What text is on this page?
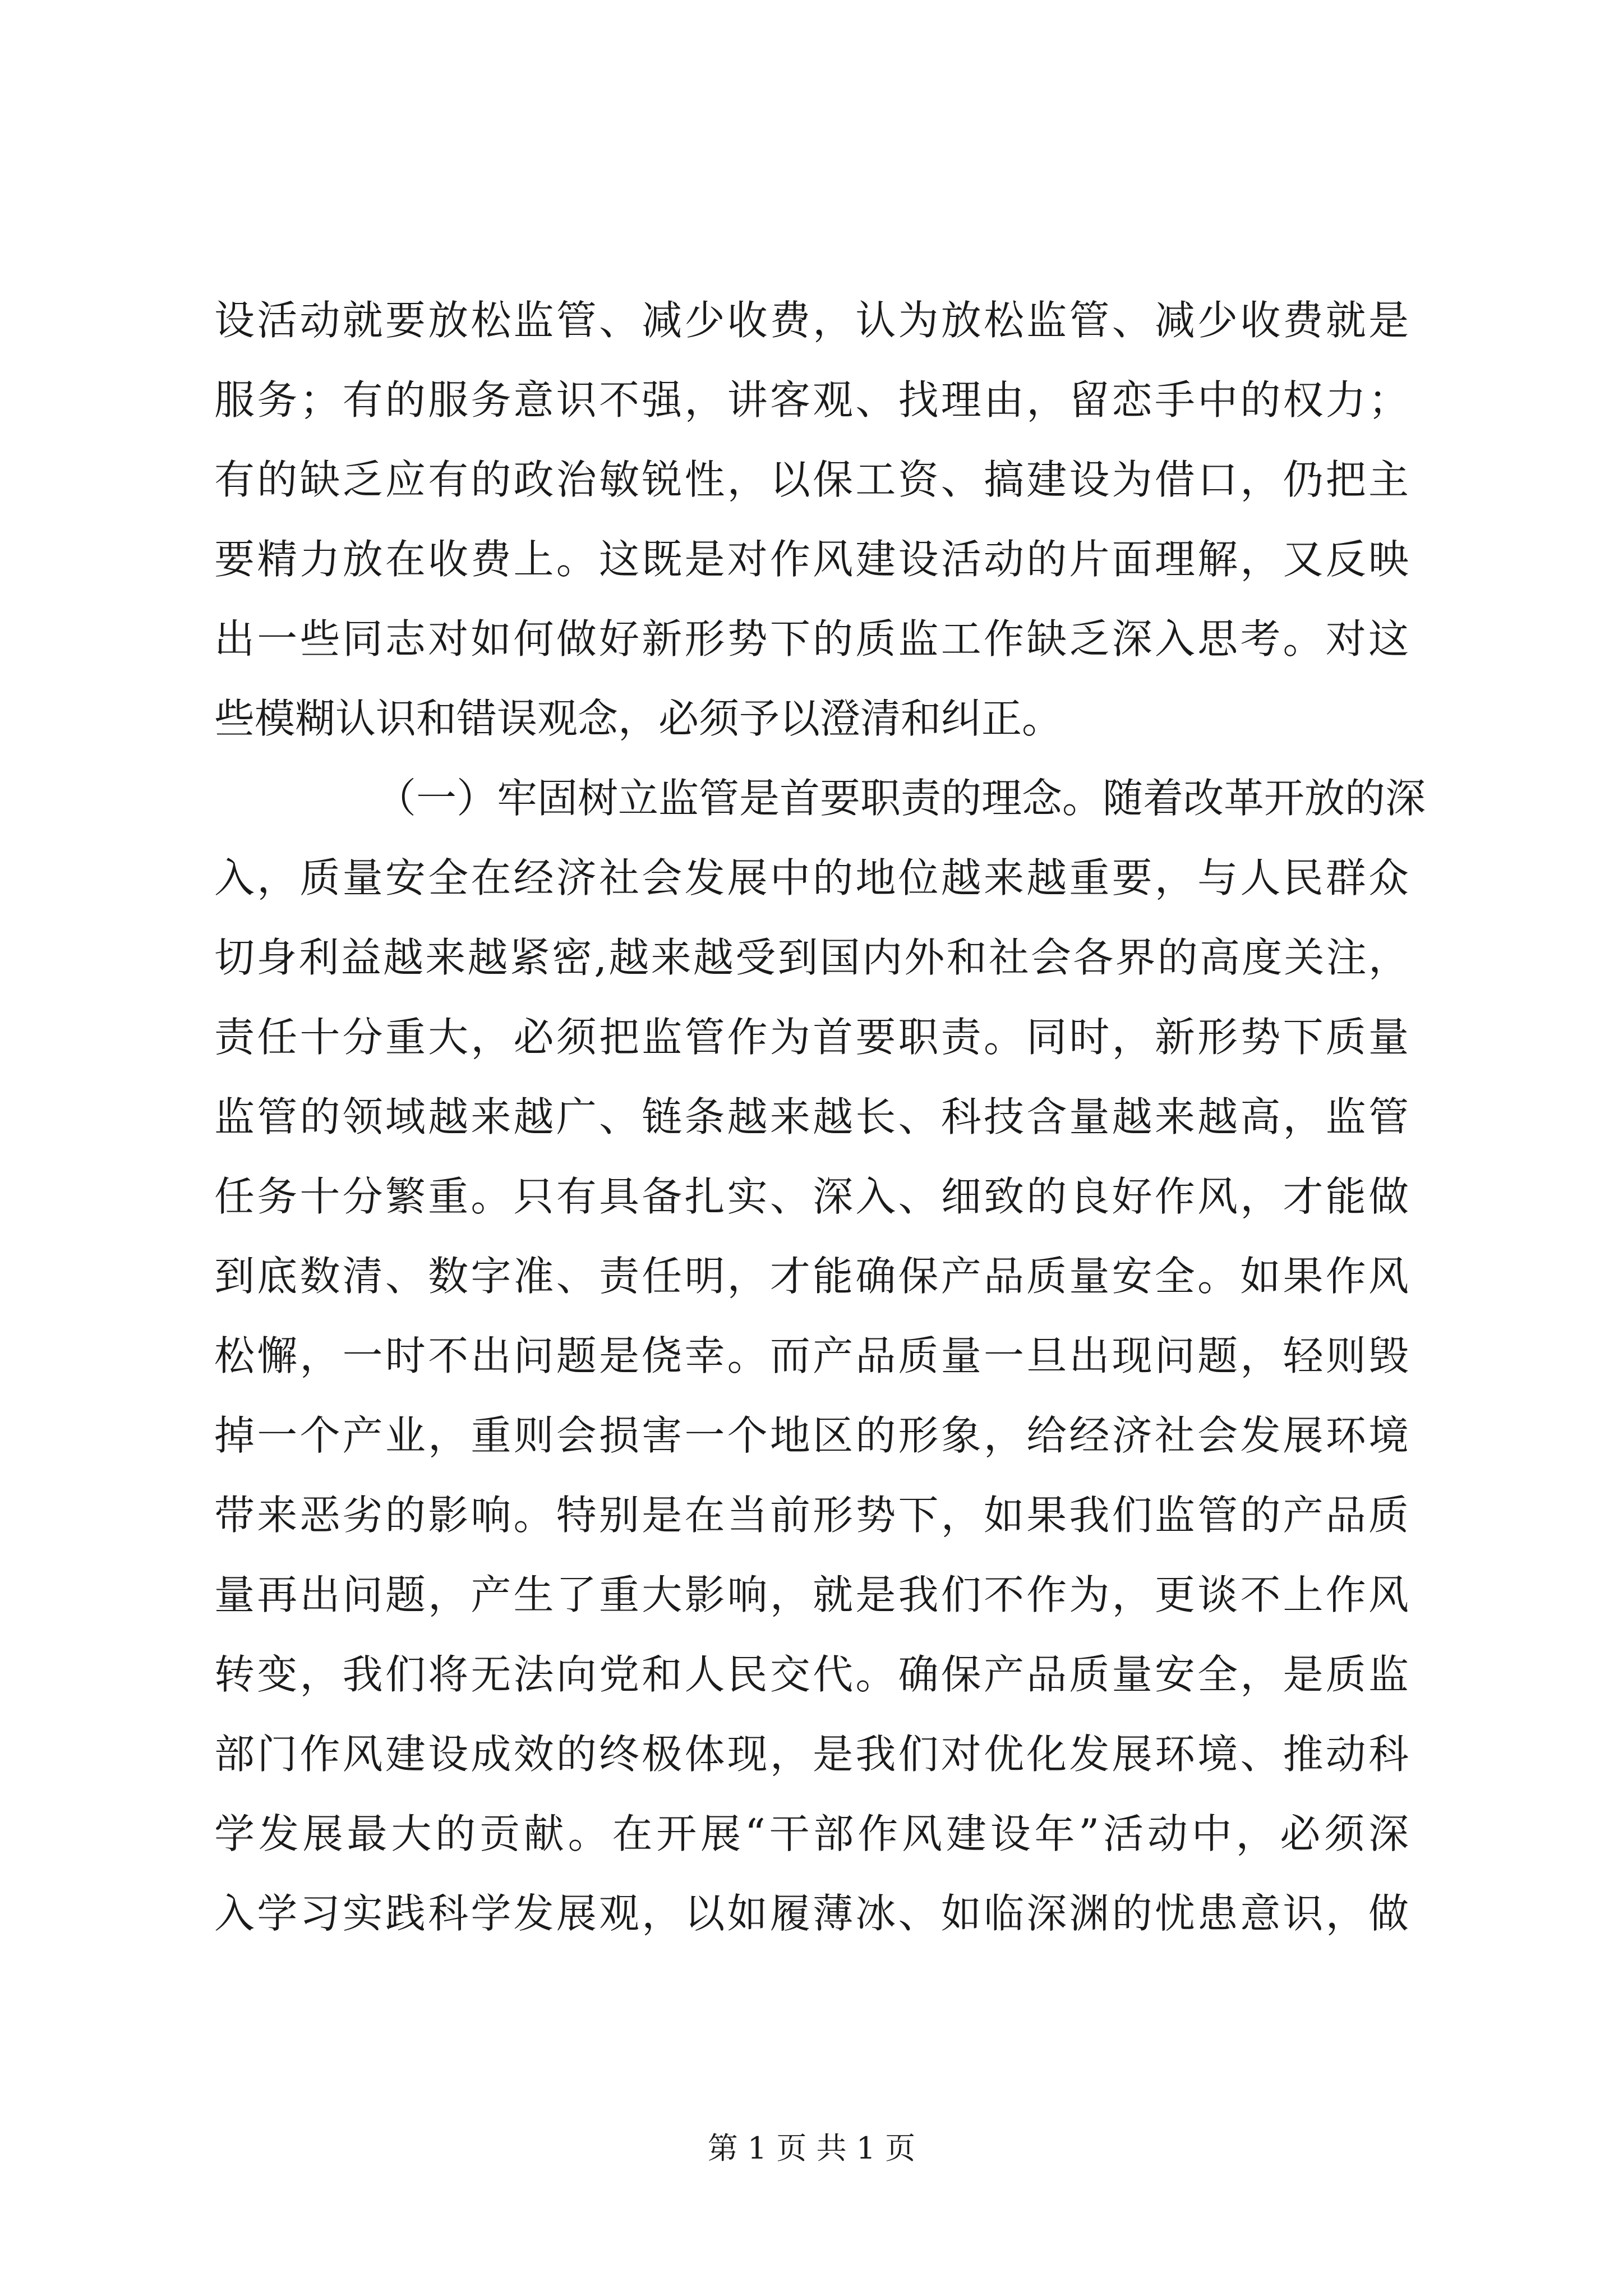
设活动就要放松监管、减少收费，认为放松监管、减少收费就是
服务；有的服务意识不强，讲客观、找理由，留恋手中的权力；
有的缺乏应有的政治敏锐性，以保工资、搞建设为借口，仍把主
要精力放在收费上。这既是对作风建设活动的片面理解，又反映
出一些同志对如何做好新形势下的质监工作缺乏深入思考。对这
些模糊认识和错误观念，必须予以澄清和纠正。
（一）牢固树立监管是首要职责的理念。随着改革开放的深
入，质量安全在经济社会发展中的地位越来越重要，与人民群众
切身利益越来越紧密,越来越受到国内外和社会各界的高度关注，
责任十分重大，必须把监管作为首要职责。同时，新形势下质量
监管的领域越来越广、链条越来越长、科技含量越来越高，监管
任务十分繁重。只有具备扎实、深入、细致的良好作风，才能做
到底数清、数字准、责任明，才能确保产品质量安全。如果作风
松懈，一时不出问题是侥幸。而产品质量一旦出现问题，轻则毁
掉一个产业，重则会损害一个地区的形象，给经济社会发展环境
带来恶劣的影响。特别是在当前形势下，如果我们监管的产品质
量再出问题，产生了重大影响，就是我们不作为，更谈不上作风
转变，我们将无法向党和人民交代。确保产品质量安全，是质监
部门作风建设成效的终极体现，是我们对优化发展环境、推动科
学发展最大的贡献。在开展“干部作风建设年”活动中，必须深
入学习实践科学发展观，以如履薄冰、如临深渊的忧患意识，做
第 1 页 共 1 页
